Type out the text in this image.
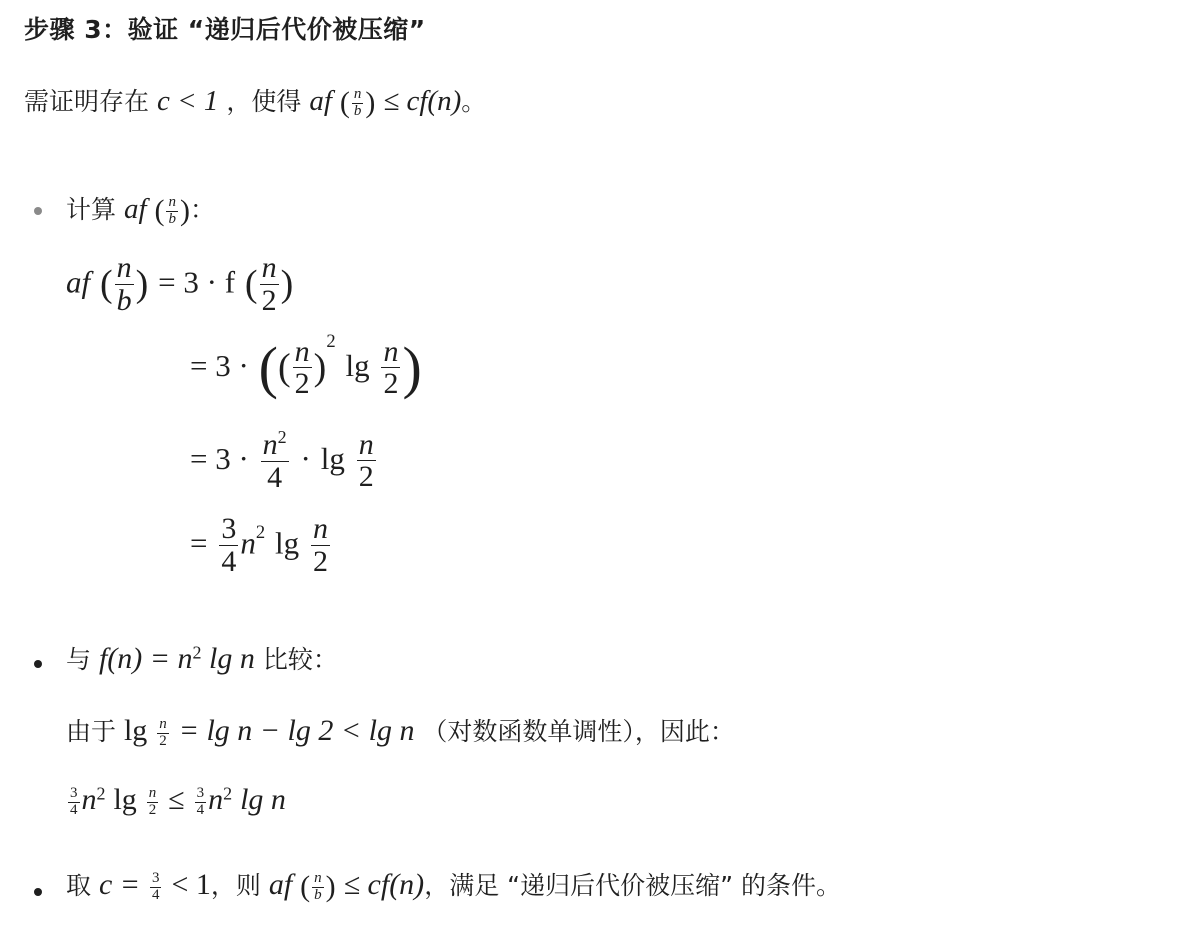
步骤 3：验证 “递归后代价被压缩”
需证明存在 c < 1 ，使得 af ( $\frac{n}{b}$ ) ≤ cf(n)。
计算 af ( $\frac{n}{b}$ )：
af ( $\frac{n}{b}$ ) = 3 · f ( $\frac{n}{2}$ )
= 3 · (( $\frac{n}{2} )^2$ $\lg \frac{n}{2}$ )
= $3 \cdot \frac{n^2}{4} \cdot \lg \frac{n}{2}$
= $\frac{3}{4} n^2$ $\lg \frac{n}{2}$
与 $f(n) = n^2$ lg n 比较：
由于 $\lg \frac{n}{2} = \lg n - \lg 2 < \lg n$ （对数函数单调性），因此：
$\frac{3}{4} n^2$ $\lg \frac{n}{2} \le \frac{3}{4} n^2$ lg n
取 $c = \frac{3}{4} < 1$，则 af ( $\frac{n}{b}$ ) ≤ cf(n)，满足 “递归后代价被压缩” 的条件。
